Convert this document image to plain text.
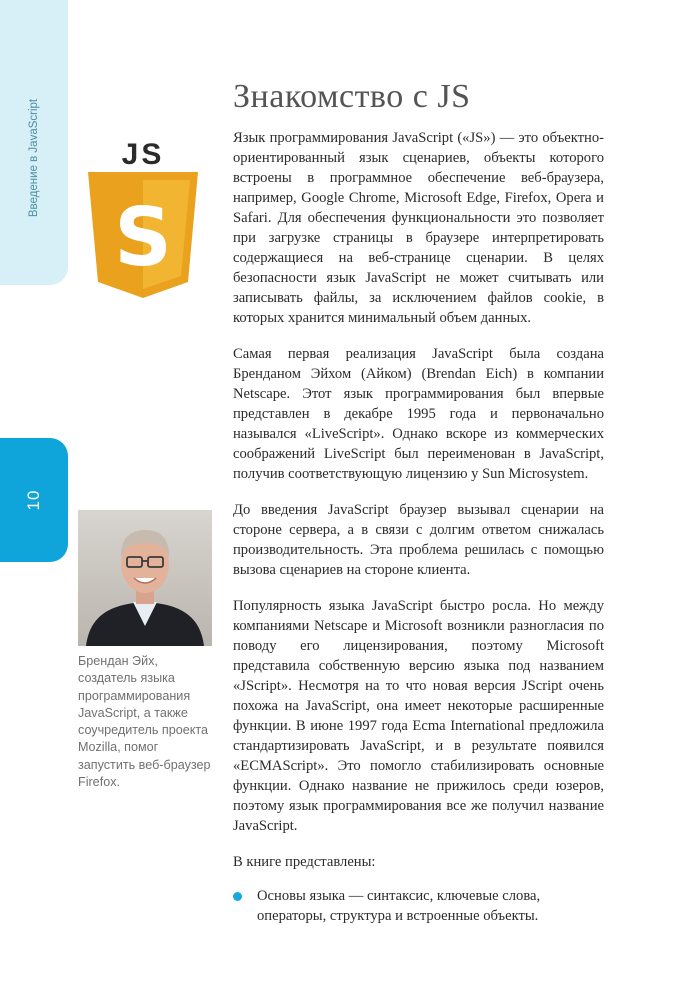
Введение в JavaScript
10
JS
S
Брендан Эйх, создатель языка программирования JavaScript, а также соучредитель проекта Mozilla, помог запустить веб-браузер Firefox.
Знакомство с JS

Язык программирования JavaScript («JS») — это объектно-ориентированный язык сценариев, объекты которого встроены в программное обеспечение веб-браузера, например, Google Chrome, Microsoft Edge, Firefox, Opera и Safari. Для обеспечения функциональности это позволяет при загрузке страницы в браузере интерпретировать содержащиеся на веб-странице сценарии. В целях безопасности язык JavaScript не может считывать или записывать файлы, за исключением файлов cookie, в которых хранится минимальный объем данных.

Самая первая реализация JavaScript была создана Бренданом Эйхом (Айком) (Brendan Eich) в компании Netscape. Этот язык программирования был впервые представлен в декабре 1995 года и первоначально назывался «LiveScript». Однако вскоре из коммерческих соображений LiveScript был переименован в JavaScript, получив соответствующую лицензию у Sun Microsystem.

До введения JavaScript браузер вызывал сценарии на стороне сервера, а в связи с долгим ответом снижалась производительность. Эта проблема решилась с помощью вызова сценариев на стороне клиента.

Популярность языка JavaScript быстро росла. Но между компаниями Netscape и Microsoft возникли разногласия по поводу его лицензирования, поэтому Microsoft представила собственную версию языка под названием «JScript». Несмотря на то что новая версия JScript очень похожа на JavaScript, она имеет некоторые расширенные функции. В июне 1997 года Ecma International предложила стандартизировать JavaScript, и в результате появился «ECMAScript». Это помогло стабилизировать основные функции. Однако название не прижилось среди юзеров, поэтому язык программирования все же получил название JavaScript.

В книге представлены:

Основы языка — синтаксис, ключевые слова, операторы, структура и встроенные объекты.
